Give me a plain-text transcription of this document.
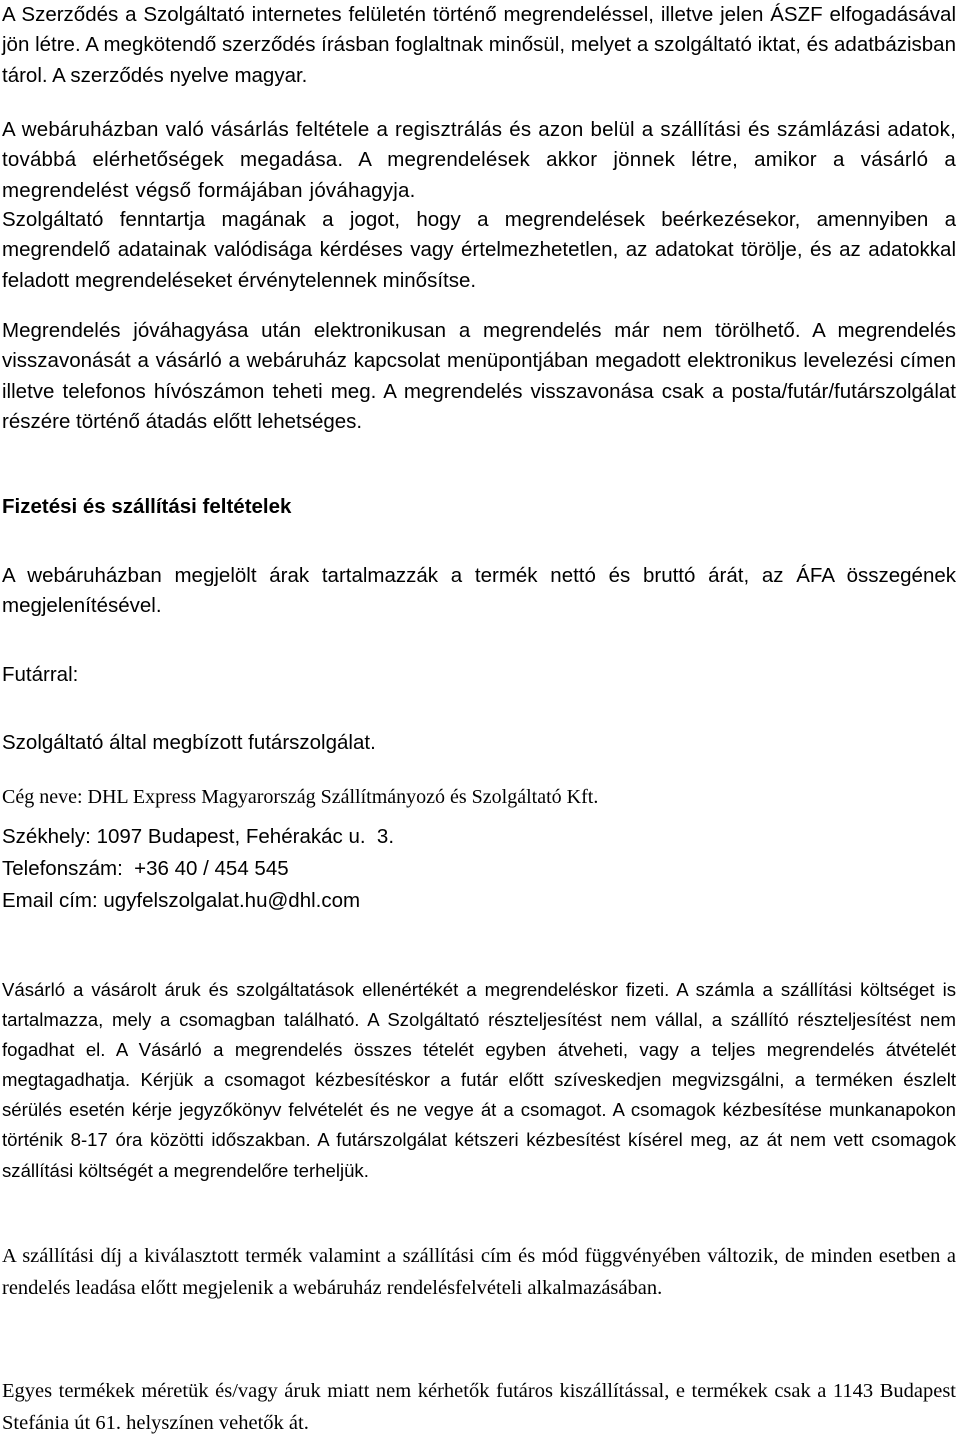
A Szerződés a Szolgáltató internetes felületén történő megrendeléssel, illetve jelen ÁSZF elfogadásával jön létre. A megkötendő szerződés írásban foglaltnak minősül, melyet a szolgáltató iktat, és adatbázisban tárol. A szerződés nyelve magyar.

A webáruházban való vásárlás feltétele a regisztrálás és azon belül a szállítási és számlázási adatok, továbbá elérhetőségek megadása. A megrendelések akkor jönnek létre, amikor a vásárló a megrendelést végső formájában jóváhagyja.

Szolgáltató fenntartja magának a jogot, hogy a megrendelések beérkezésekor, amennyiben a megrendelő adatainak valódisága kérdéses vagy értelmezhetetlen, az adatokat törölje, és az adatokkal feladott megrendeléseket érvénytelennek minősítse.

Megrendelés jóváhagyása után elektronikusan a megrendelés már nem törölhető. A megrendelés visszavonását a vásárló a webáruház kapcsolat menüpontjában megadott elektronikus levelezési címen illetve telefonos hívószámon teheti meg. A megrendelés visszavonása csak a posta/futár/futárszolgálat részére történő átadás előtt lehetséges.

Fizetési és szállítási feltételek

A webáruházban megjelölt árak tartalmazzák a termék nettó és bruttó árát, az ÁFA összegének megjelenítésével.

Futárral:

Szolgáltató által megbízott futárszolgálat.

Cég neve: DHL Express Magyarország Szállítmányozó és Szolgáltató Kft.

Székhely: 1097 Budapest, Fehérakác u.  3.

Telefonszám:  +36 40 / 454 545

Email cím: ugyfelszolgalat.hu@dhl.com

Vásárló a vásárolt áruk és szolgáltatások ellenértékét a megrendeléskor fizeti. A számla a szállítási költséget is tartalmazza, mely a csomagban található. A Szolgáltató részteljesítést nem vállal, a szállító részteljesítést nem fogadhat el. A Vásárló a megrendelés összes tételét egyben átveheti, vagy a teljes megrendelés átvételét megtagadhatja. Kérjük a csomagot kézbesítéskor a futár előtt szíveskedjen megvizsgálni, a terméken észlelt sérülés esetén kérje jegyzőkönyv felvételét és ne vegye át a csomagot. A csomagok kézbesítése munkanapokon történik 8-17 óra közötti időszakban. A futárszolgálat kétszeri kézbesítést kísérel meg, az át nem vett csomagok szállítási költségét a megrendelőre terheljük.

A szállítási díj a kiválasztott termék valamint a szállítási cím és mód függvényében változik, de minden esetben a rendelés leadása előtt megjelenik a webáruház rendelésfelvételi alkalmazásában.

Egyes termékek méretük és/vagy áruk miatt nem kérhetők futáros kiszállítással, e termékek csak a 1143 Budapest Stefánia út 61. helyszínen vehetők át.
